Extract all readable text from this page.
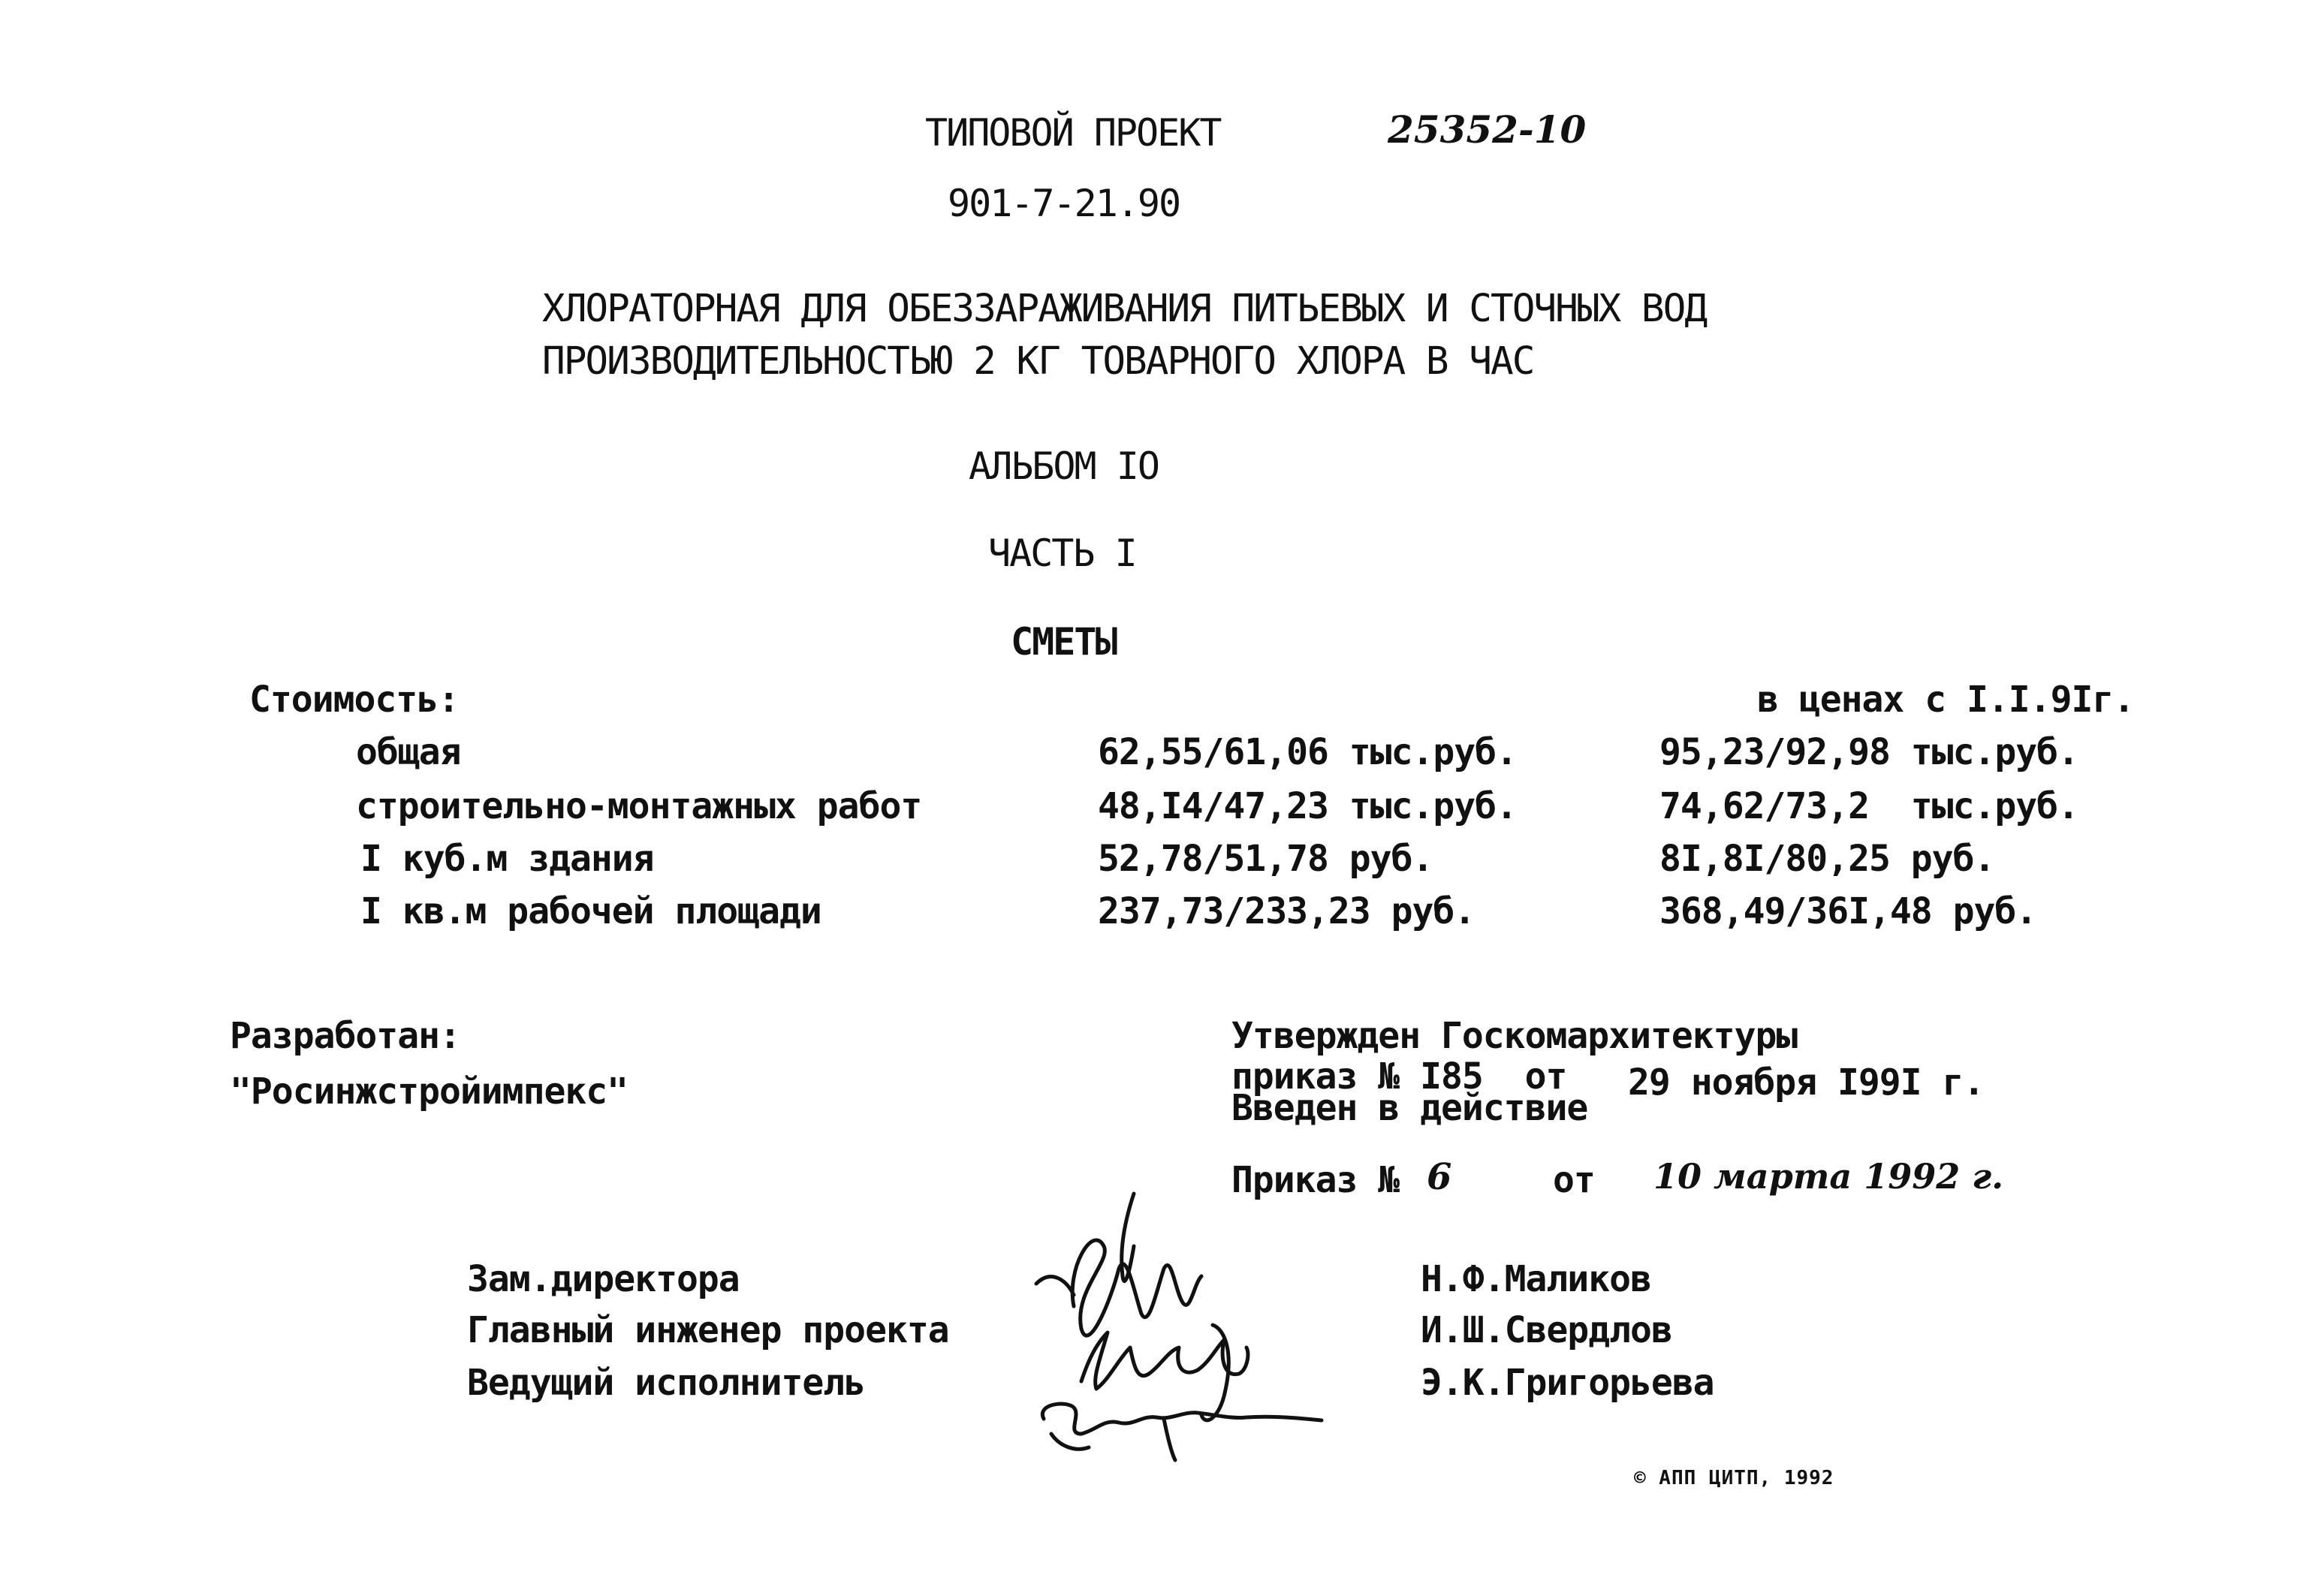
ТИПОВОЙ ПРОЕКТ	25352-10
901-7-21.90
ХЛОРАТОРНАЯ ДЛЯ ОБЕЗЗАРАЖИВАНИЯ ПИТЬЕВЫХ И СТОЧНЫХ ВОД
ПРОИЗВОДИТЕЛЬНОСТЬЮ 2 КГ ТОВАРНОГО ХЛОРА В ЧАС
АЛЬБОМ IO
ЧАСТЬ I
СМЕТЫ
Стоимость:	в ценах с I.I.9Iг.
общая	62,55/61,06 тыс.руб.	95,23/92,98 тыс.руб.
строительно-монтажных работ	48,I4/47,23 тыс.руб.	74,62/73,2  тыс.руб.
I куб.м здания	52,78/51,78 руб.	8I,8I/80,25 руб.
I кв.м рабочей площади	237,73/233,23 руб.	368,49/36I,48 руб.
Разработан:
"Росинжстройимпекс"
Утвержден Госкомархитектуры
приказ № I85  от 29 ноября I99I г.
Введен в действие
Приказ № 6	от 10 марта 1992 г.
Зам.директора	Н.Ф.Маликов
Главный инженер проекта	И.Ш.Свердлов
Ведущий исполнитель	Э.К.Григорьева
© АПП ЦИТП, 1992
